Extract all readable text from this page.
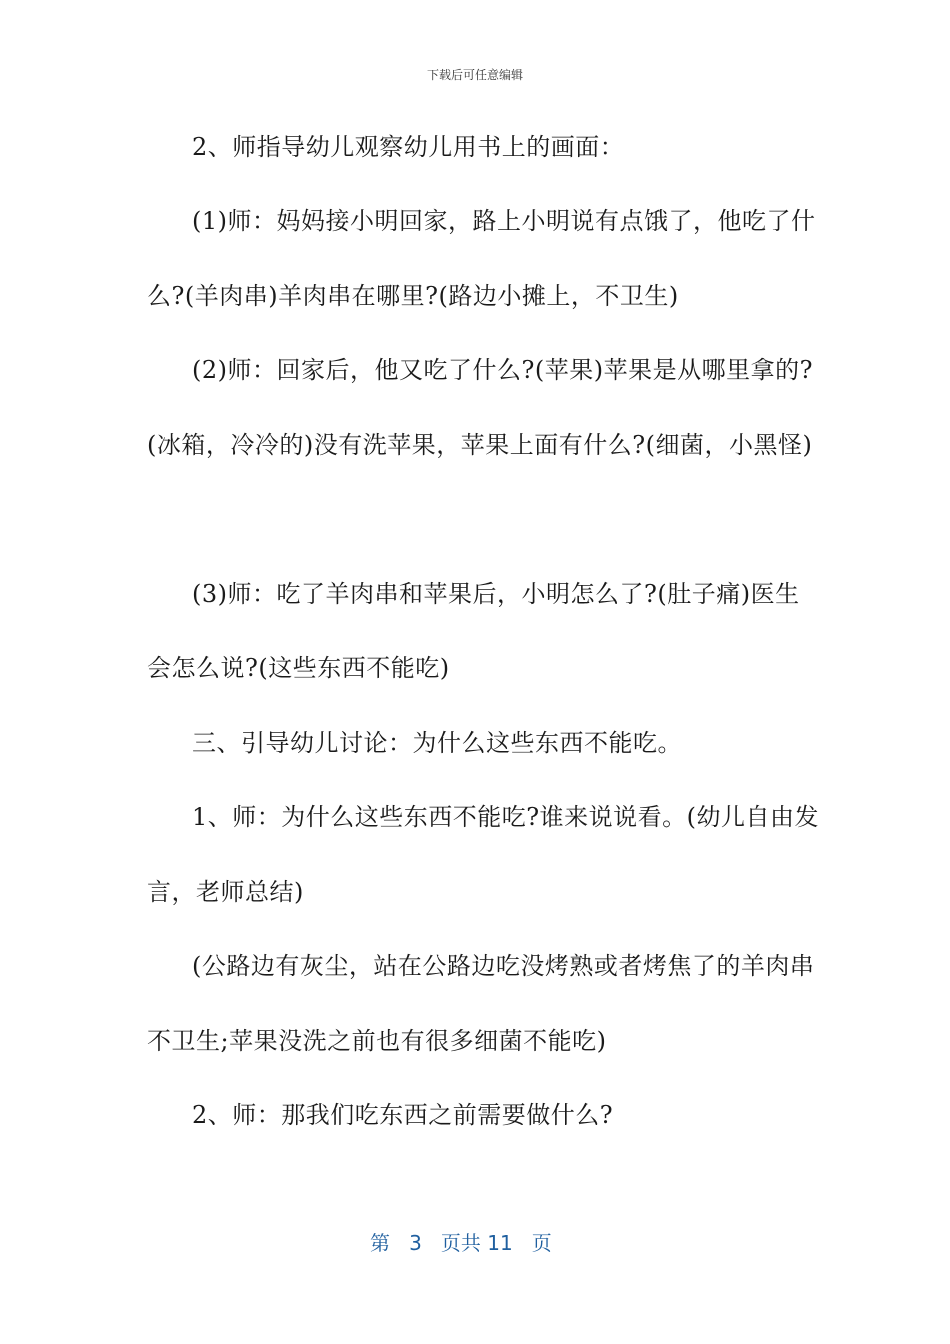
下载后可任意编辑
2、师指导幼儿观察幼儿用书上的画面：
(1)师：妈妈接小明回家，路上小明说有点饿了，他吃了什
么?(羊肉串)羊肉串在哪里?(路边小摊上，不卫生)
(2)师：回家后，他又吃了什么?(苹果)苹果是从哪里拿的?
(冰箱，冷冷的)没有洗苹果，苹果上面有什么?(细菌，小黑怪)
(3)师：吃了羊肉串和苹果后，小明怎么了?(肚子痛)医生
会怎么说?(这些东西不能吃)
三、引导幼儿讨论：为什么这些东西不能吃。
1、师：为什么这些东西不能吃?谁来说说看。(幼儿自由发
言，老师总结)
(公路边有灰尘，站在公路边吃没烤熟或者烤焦了的羊肉串
不卫生;苹果没洗之前也有很多细菌不能吃)
2、师：那我们吃东西之前需要做什么?
第 3 页共 11 页
